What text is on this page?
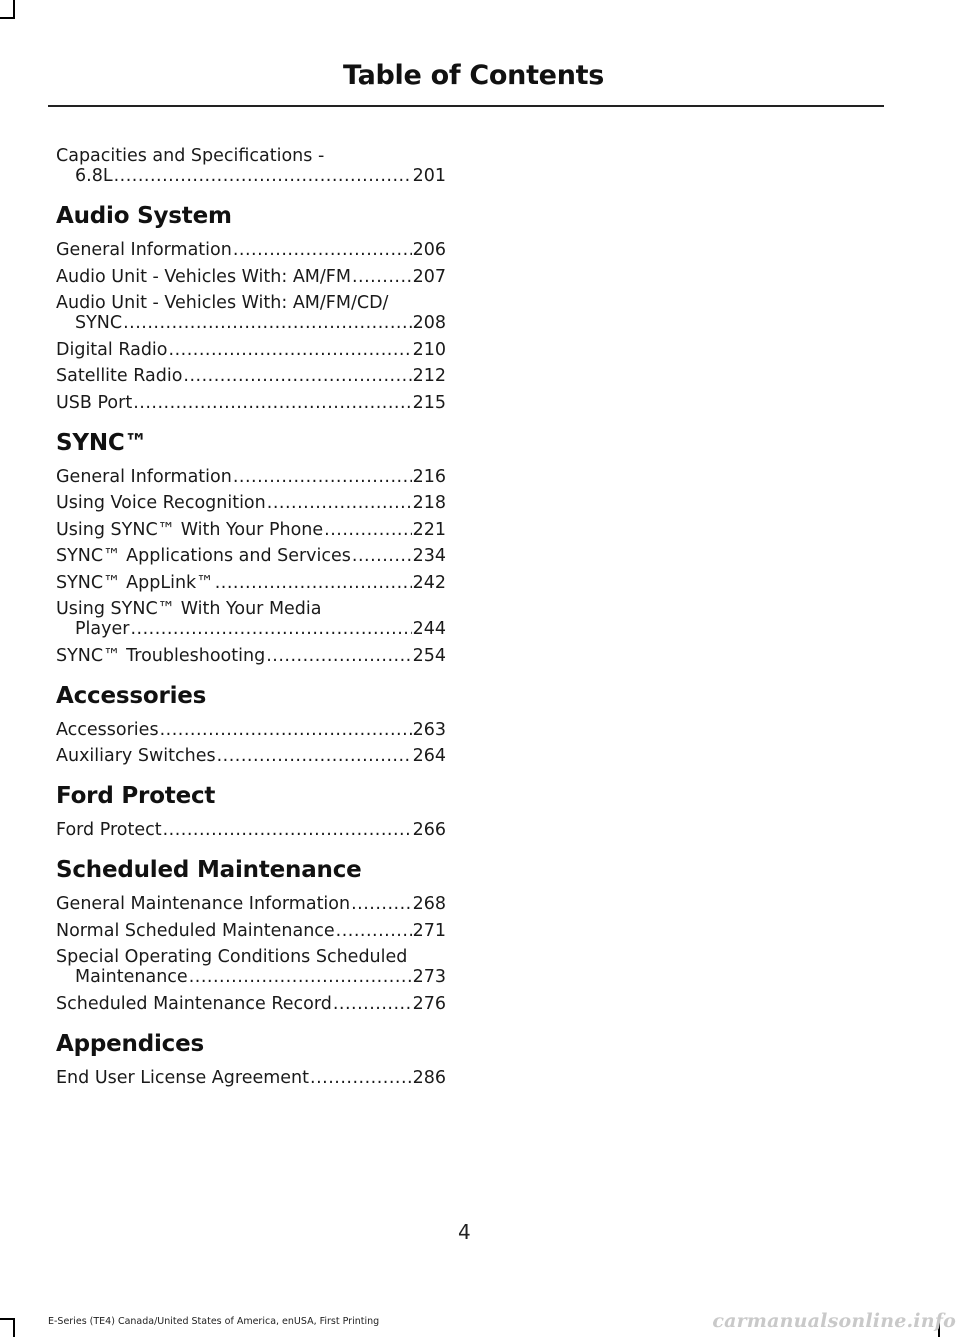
Table of Contents
Capacities and Specifications -
6.8L .....	201
Audio System
General Information .....	206
Audio Unit - Vehicles With: AM/FM .....	207
Audio Unit - Vehicles With: AM/FM/CD/
SYNC .....	208
Digital Radio .....	210
Satellite Radio .....	212
USB Port .....	215
SYNC™
General Information .....	216
Using Voice Recognition .....	218
Using SYNC™ With Your Phone .....	221
SYNC™ Applications and Services .....	234
SYNC™ AppLink™ .....	242
Using SYNC™ With Your Media
Player .....	244
SYNC™ Troubleshooting .....	254
Accessories
Accessories .....	263
Auxiliary Switches .....	264
Ford Protect
Ford Protect .....	266
Scheduled Maintenance
General Maintenance Information .....	268
Normal Scheduled Maintenance .....	271
Special Operating Conditions Scheduled
Maintenance .....	273
Scheduled Maintenance Record .....	276
Appendices
End User License Agreement .....	286
4
E-Series (TE4) Canada/United States of America, enUSA, First Printing	carmanualsonline.info
